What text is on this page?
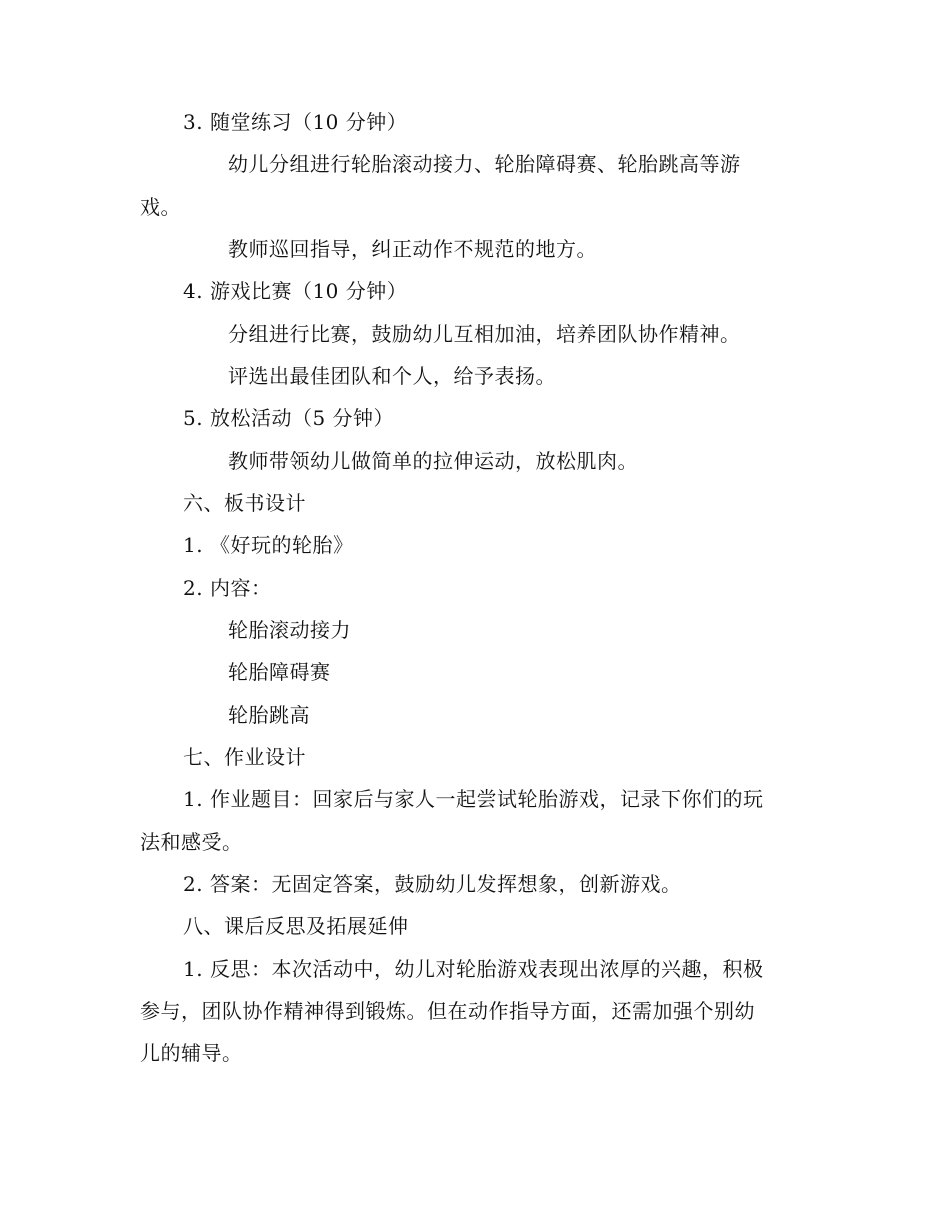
3. 随堂练习（10 分钟）
幼儿分组进行轮胎滚动接力、轮胎障碍赛、轮胎跳高等游
戏。
教师巡回指导，纠正动作不规范的地方。
4. 游戏比赛（10 分钟）
分组进行比赛，鼓励幼儿互相加油，培养团队协作精神。
评选出最佳团队和个人，给予表扬。
5. 放松活动（5 分钟）
教师带领幼儿做简单的拉伸运动，放松肌肉。
六、板书设计
1. 《好玩的轮胎》
2. 内容：
轮胎滚动接力
轮胎障碍赛
轮胎跳高
七、作业设计
1. 作业题目：回家后与家人一起尝试轮胎游戏，记录下你们的玩
法和感受。
2. 答案：无固定答案，鼓励幼儿发挥想象，创新游戏。
八、课后反思及拓展延伸
1. 反思：本次活动中，幼儿对轮胎游戏表现出浓厚的兴趣，积极
参与，团队协作精神得到锻炼。但在动作指导方面，还需加强个别幼
儿的辅导。
